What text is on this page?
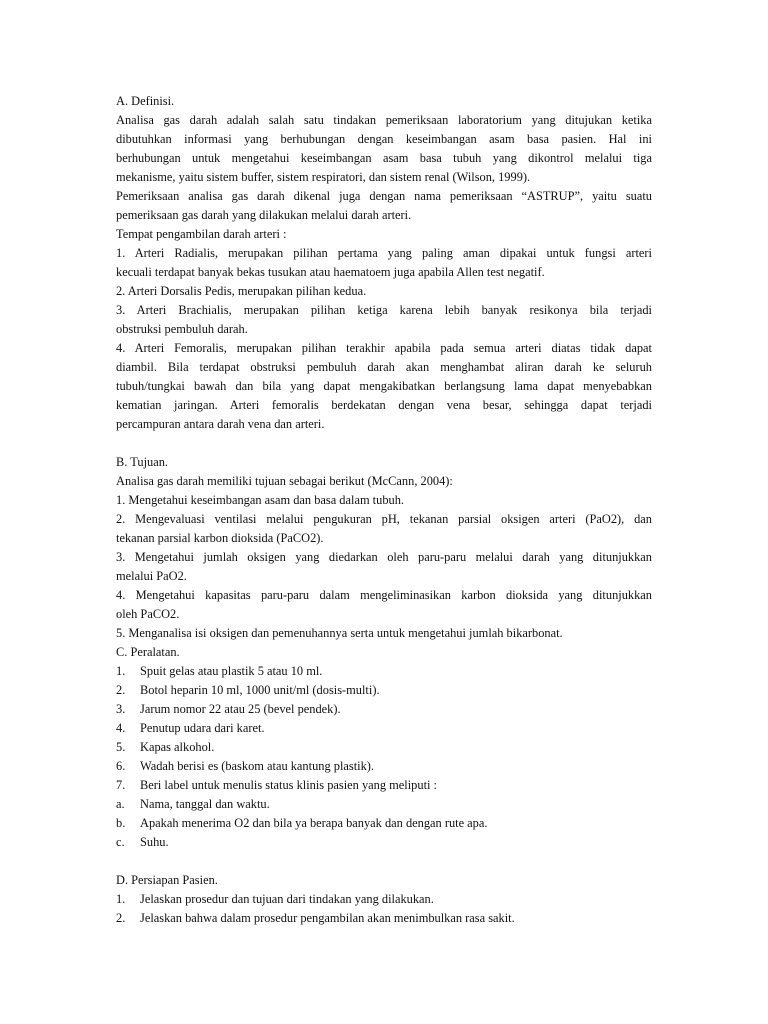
A. Definisi.

Analisa gas darah adalah salah satu tindakan pemeriksaan laboratorium yang ditujukan ketika

dibutuhkan informasi yang berhubungan dengan keseimbangan asam basa pasien. Hal ini

berhubungan untuk mengetahui keseimbangan asam basa tubuh yang dikontrol melalui tiga

mekanisme, yaitu sistem buffer, sistem respiratori, dan sistem renal (Wilson, 1999).

Pemeriksaan analisa gas darah dikenal juga dengan nama pemeriksaan “ASTRUP”, yaitu suatu

pemeriksaan gas darah yang dilakukan melalui darah arteri.

Tempat pengambilan darah arteri :

1. Arteri Radialis, merupakan pilihan pertama yang paling aman dipakai untuk fungsi arteri

kecuali terdapat banyak bekas tusukan atau haematoem juga apabila Allen test negatif.

2. Arteri Dorsalis Pedis, merupakan pilihan kedua.

3. Arteri Brachialis, merupakan pilihan ketiga karena lebih banyak resikonya bila terjadi

obstruksi pembuluh darah.

4. Arteri Femoralis, merupakan pilihan terakhir apabila pada semua arteri diatas tidak dapat

diambil. Bila terdapat obstruksi pembuluh darah akan menghambat aliran darah ke seluruh

tubuh/tungkai bawah dan bila yang dapat mengakibatkan berlangsung lama dapat menyebabkan

kematian jaringan. Arteri femoralis berdekatan dengan vena besar, sehingga dapat terjadi

percampuran antara darah vena dan arteri.

B. Tujuan.

Analisa gas darah memiliki tujuan sebagai berikut (McCann, 2004):

1. Mengetahui keseimbangan asam dan basa dalam tubuh.

2. Mengevaluasi ventilasi melalui pengukuran pH, tekanan parsial oksigen arteri (PaO2), dan

tekanan parsial karbon dioksida (PaCO2).

3. Mengetahui jumlah oksigen yang diedarkan oleh paru-paru melalui darah yang ditunjukkan

melalui PaO2.

4. Mengetahui kapasitas paru-paru dalam mengeliminasikan karbon dioksida yang ditunjukkan

oleh PaCO2.

5. Menganalisa isi oksigen dan pemenuhannya serta untuk mengetahui jumlah bikarbonat.

C. Peralatan.

1. Spuit gelas atau plastik 5 atau 10 ml.

2. Botol heparin 10 ml, 1000 unit/ml (dosis-multi).

3. Jarum nomor 22 atau 25 (bevel pendek).

4. Penutup udara dari karet.

5. Kapas alkohol.

6. Wadah berisi es (baskom atau kantung plastik).

7. Beri label untuk menulis status klinis pasien yang meliputi :

a. Nama, tanggal dan waktu.

b. Apakah menerima O2 dan bila ya berapa banyak dan dengan rute apa.

c. Suhu.

D. Persiapan Pasien.

1. Jelaskan prosedur dan tujuan dari tindakan yang dilakukan.

2. Jelaskan bahwa dalam prosedur pengambilan akan menimbulkan rasa sakit.
